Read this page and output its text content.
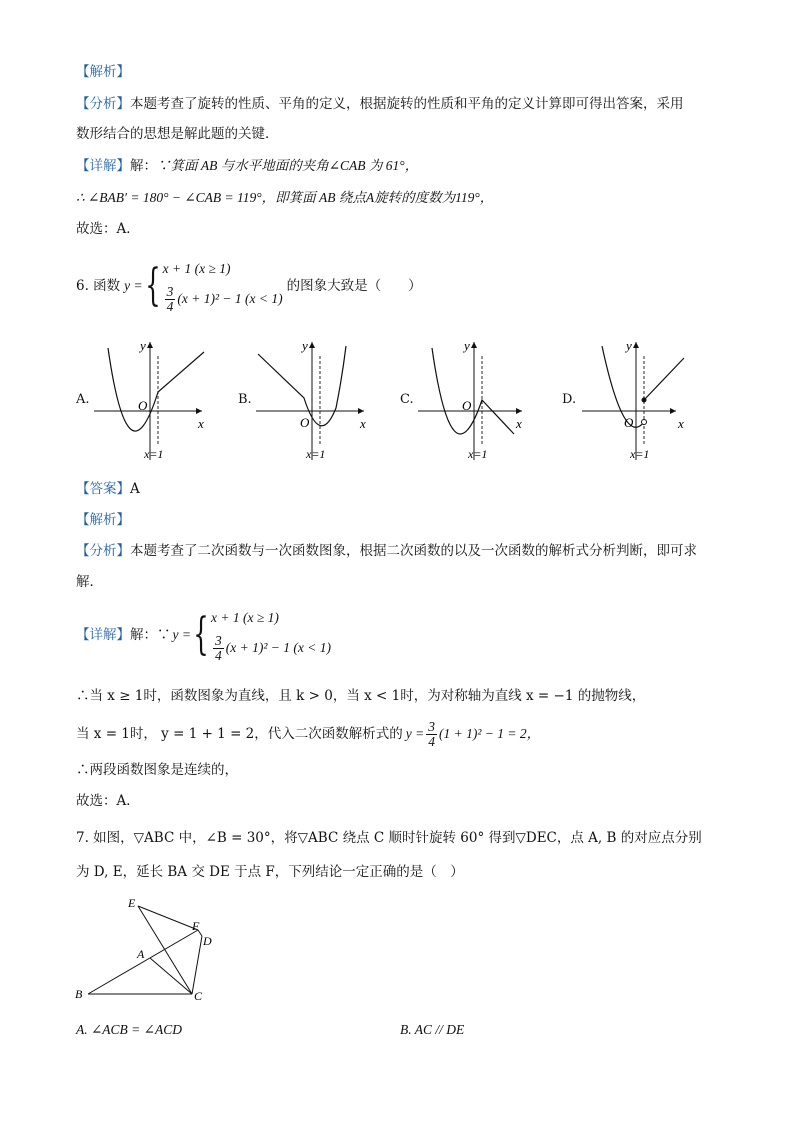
【解析】
【分析】本题考查了旋转的性质、平角的定义，根据旋转的性质和平角的定义计算即可得出答案，采用
数形结合的思想是解此题的关键．
【详解】解：∵箕面 AB 与水平地面的夹角∠CAB 为 61°，
∴ ∠BAB′ = 180° − ∠CAB = 119°，即箕面 AB 绕点A旋转的度数为119°，
故选：A．
6. 函数 y = { x + 1 (x ≥ 1)
$\frac{3}{4} (x + 1)^2 - 1$ (x < 1)
的图象大致是（　　）
A.	B.	C.	D.
x
y
O
x=1
x
y
O
x=1
x
y
O
x=1
x
y
O
x=1
【答案】A
【解析】
【分析】本题考查了二次函数与一次函数图象，根据二次函数的以及一次函数的解析式分析判断，即可求
解．
【详解】 解：∵ y = { x + 1 (x ≥ 1)
$\frac{3}{4} (x + 1)^2 - 1$ (x < 1)
∴当 x ≥ 1时，函数图象为直线，且 k > 0，当 x < 1时，为对称轴为直线 x = −1 的抛物线，
当 x = 1时， y = 1 + 1 = 2，代入二次函数解析式的 $y = \frac{3}{4} (1 + 1)^2 - 1 = 2$，
∴两段函数图象是连续的，
故选：A．
7. 如图，▽ABC 中，∠B = 30°，将▽ABC 绕点 C 顺时针旋转 60° 得到▽DEC，点 A, B 的对应点分别
为 D, E，延长 BA 交 DE 于点 F，下列结论一定正确的是（　）
E
F
D
A
B	C
A. ∠ACB = ∠ACD	B. AC // DE
